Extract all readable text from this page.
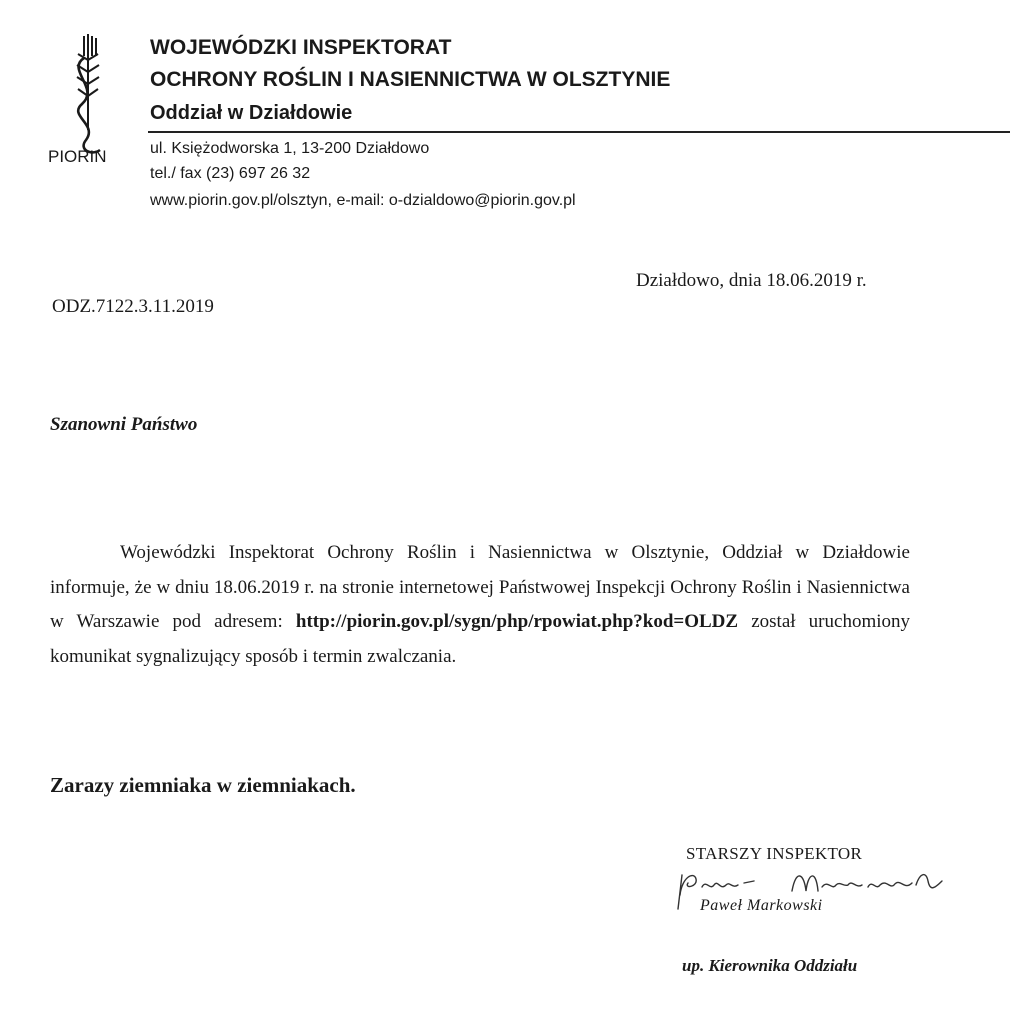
PIORIN
WOJEWÓDZKI INSPEKTORAT
OCHRONY ROŚLIN I NASIENNICTWA W OLSZTYNIE
Oddział w Działdowie
ul. Księżodworska 1, 13-200 Działdowo
tel./ fax (23) 697 26 32
www.piorin.gov.pl/olsztyn, e-mail: o-dzialdowo@piorin.gov.pl
Działdowo, dnia 18.06.2019 r.
ODZ.7122.3.11.2019
Szanowni Państwo
Wojewódzki Inspektorat Ochrony Roślin i Nasiennictwa w Olsztynie, Oddział w Działdowie informuje, że w dniu 18.06.2019 r. na stronie internetowej Państwowej Inspekcji Ochrony Roślin i Nasiennictwa w Warszawie pod adresem: http://piorin.gov.pl/sygn/php/rpowiat.php?kod=OLDZ został uruchomiony komunikat sygnalizujący sposób i termin zwalczania.
Zarazy ziemniaka w ziemniakach.
STARSZY INSPEKTOR
Paweł Markowski
up. Kierownika Oddziału
